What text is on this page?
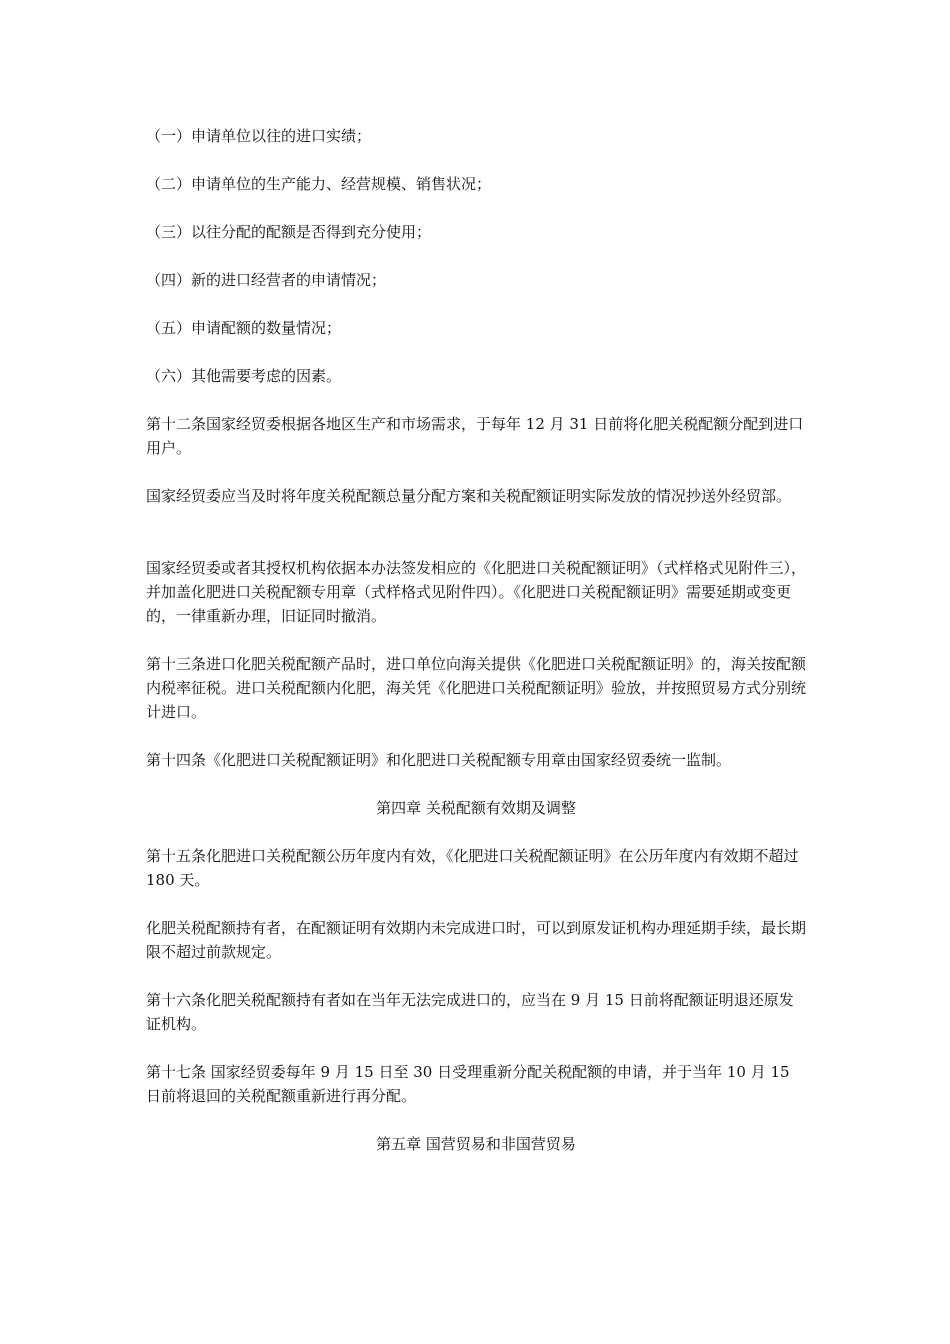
（一）申请单位以往的进口实绩；
（二）申请单位的生产能力、经营规模、销售状况；
（三）以往分配的配额是否得到充分使用；
（四）新的进口经营者的申请情况；
（五）申请配额的数量情况；
（六）其他需要考虑的因素。

第十二条国家经贸委根据各地区生产和市场需求，于每年 12 月 31 日前将化肥关税配额分配到进口用户。

国家经贸委应当及时将年度关税配额总量分配方案和关税配额证明实际发放的情况抄送外经贸部。

国家经贸委或者其授权机构依据本办法签发相应的《化肥进口关税配额证明》（式样格式见附件三），并加盖化肥进口关税配额专用章（式样格式见附件四）。《化肥进口关税配额证明》需要延期或变更的，一律重新办理，旧证同时撤消。

第十三条进口化肥关税配额产品时，进口单位向海关提供《化肥进口关税配额证明》的，海关按配额内税率征税。进口关税配额内化肥，海关凭《化肥进口关税配额证明》验放，并按照贸易方式分别统计进口。

第十四条《化肥进口关税配额证明》和化肥进口关税配额专用章由国家经贸委统一监制。

第四章 关税配额有效期及调整

第十五条化肥进口关税配额公历年度内有效，《化肥进口关税配额证明》在公历年度内有效期不超过 180 天。

化肥关税配额持有者，在配额证明有效期内未完成进口时，可以到原发证机构办理延期手续，最长期限不超过前款规定。

第十六条化肥关税配额持有者如在当年无法完成进口的，应当在 9 月 15 日前将配额证明退还原发证机构。

第十七条 国家经贸委每年 9 月 15 日至 30 日受理重新分配关税配额的申请，并于当年 10 月 15 日前将退回的关税配额重新进行再分配。

第五章 国营贸易和非国营贸易
